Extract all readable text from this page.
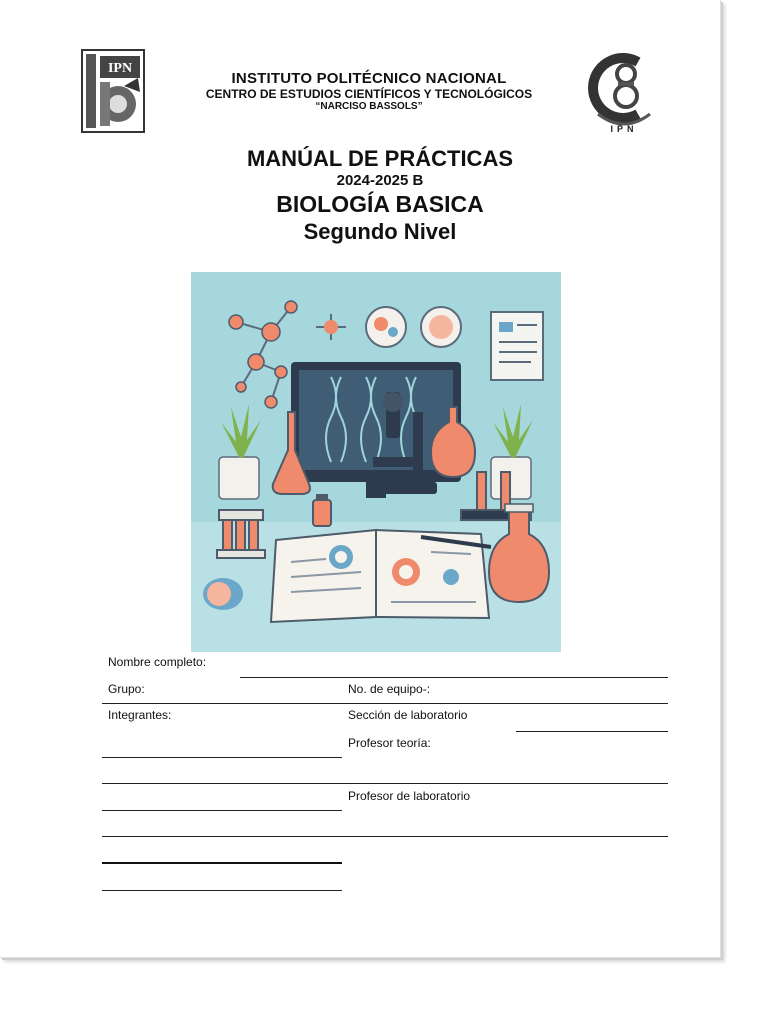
IPN
INSTITUTO POLITÉCNICO NACIONAL
CENTRO DE ESTUDIOS CIENTÍFICOS Y TECNOLÓGICOS
“NARCISO BASSOLS”
IPN
MANÚAL DE PRÁCTICAS
2024-2025 B
BIOLOGÍA BASICA
Segundo Nivel
Nombre completo:
Grupo:	No. de equipo-:
Integrantes:	Sección de laboratorio
Profesor teoría:
Profesor de laboratorio
